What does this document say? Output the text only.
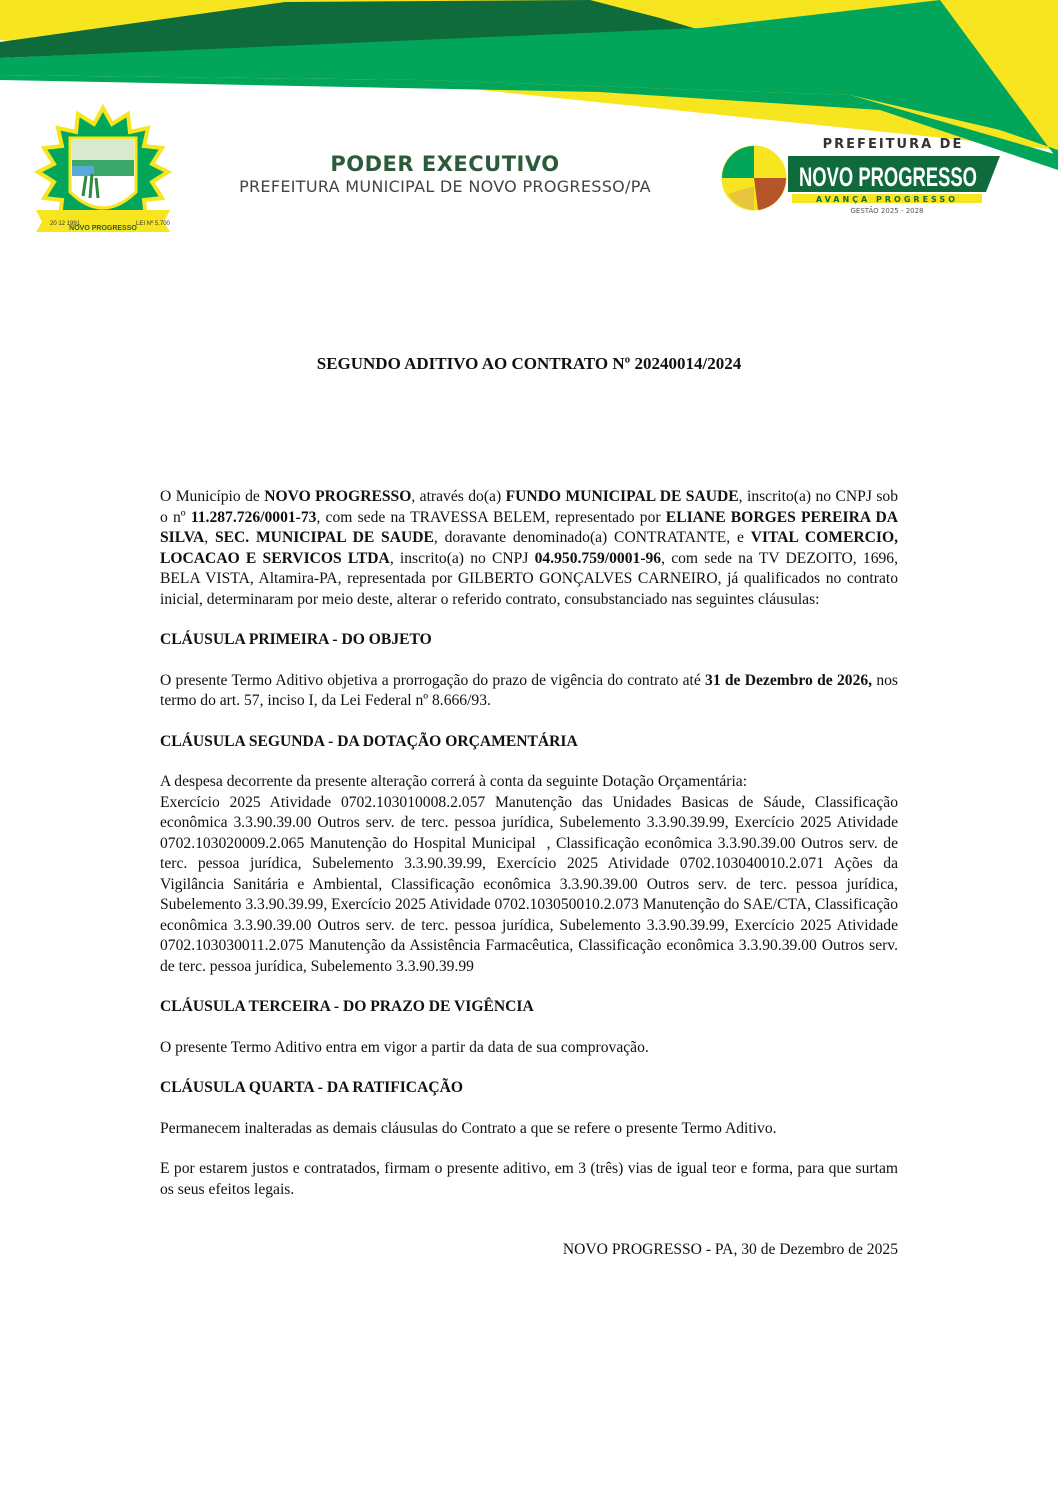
20 12 1991
NOVO PROGRESSO
LEI Nº 5.700
PODER EXECUTIVO
PREFEITURA MUNICIPAL DE NOVO PROGRESSO/PA
PREFEITURA DE
NOVO PROGRESSO
AVANÇA PROGRESSO
GESTÃO 2025 - 2028
SEGUNDO ADITIVO AO CONTRATO Nº 20240014/2024

O Município de NOVO PROGRESSO, através do(a) FUNDO MUNICIPAL DE SAUDE, inscrito(a) no CNPJ sob o nº 11.287.726/0001-73, com sede na TRAVESSA BELEM, representado por ELIANE BORGES PEREIRA DA SILVA, SEC. MUNICIPAL DE SAUDE, doravante denominado(a) CONTRATANTE, e VITAL COMERCIO, LOCACAO E SERVICOS LTDA, inscrito(a) no CNPJ 04.950.759/0001-96, com sede na TV DEZOITO, 1696, BELA VISTA, Altamira-PA, representada por GILBERTO GONÇALVES CARNEIRO, já qualificados no contrato inicial, determinaram por meio deste, alterar o referido contrato, consubstanciado nas seguintes cláusulas:

CLÁUSULA PRIMEIRA - DO OBJETO

O presente Termo Aditivo objetiva a prorrogação do prazo de vigência do contrato até 31 de Dezembro de 2026, nos termo do art. 57, inciso I, da Lei Federal nº 8.666/93.

CLÁUSULA SEGUNDA - DA DOTAÇÃO ORÇAMENTÁRIA

A despesa decorrente da presente alteração correrá à conta da seguinte Dotação Orçamentária:

Exercício 2025 Atividade 0702.103010008.2.057 Manutenção das Unidades Basicas de Sáude, Classificação econômica 3.3.90.39.00 Outros serv. de terc. pessoa jurídica, Subelemento 3.3.90.39.99, Exercício 2025 Atividade 0702.103020009.2.065 Manutenção do Hospital Municipal  , Classificação econômica 3.3.90.39.00 Outros serv. de terc. pessoa jurídica, Subelemento 3.3.90.39.99, Exercício 2025 Atividade 0702.103040010.2.071 Ações da Vigilância Sanitária e Ambiental, Classificação econômica 3.3.90.39.00 Outros serv. de terc. pessoa jurídica, Subelemento 3.3.90.39.99, Exercício 2025 Atividade 0702.103050010.2.073 Manutenção do SAE/CTA, Classificação econômica 3.3.90.39.00 Outros serv. de terc. pessoa jurídica, Subelemento 3.3.90.39.99, Exercício 2025 Atividade 0702.103030011.2.075 Manutenção da Assistência Farmacêutica, Classificação econômica 3.3.90.39.00 Outros serv. de terc. pessoa jurídica, Subelemento 3.3.90.39.99

CLÁUSULA TERCEIRA - DO PRAZO DE VIGÊNCIA

O presente Termo Aditivo entra em vigor a partir da data de sua comprovação.

CLÁUSULA QUARTA - DA RATIFICAÇÃO

Permanecem inalteradas as demais cláusulas do Contrato a que se refere o presente Termo Aditivo.

E por estarem justos e contratados, firmam o presente aditivo, em 3 (três) vias de igual teor e forma, para que surtam os seus efeitos legais.

NOVO PROGRESSO - PA, 30 de Dezembro de 2025
